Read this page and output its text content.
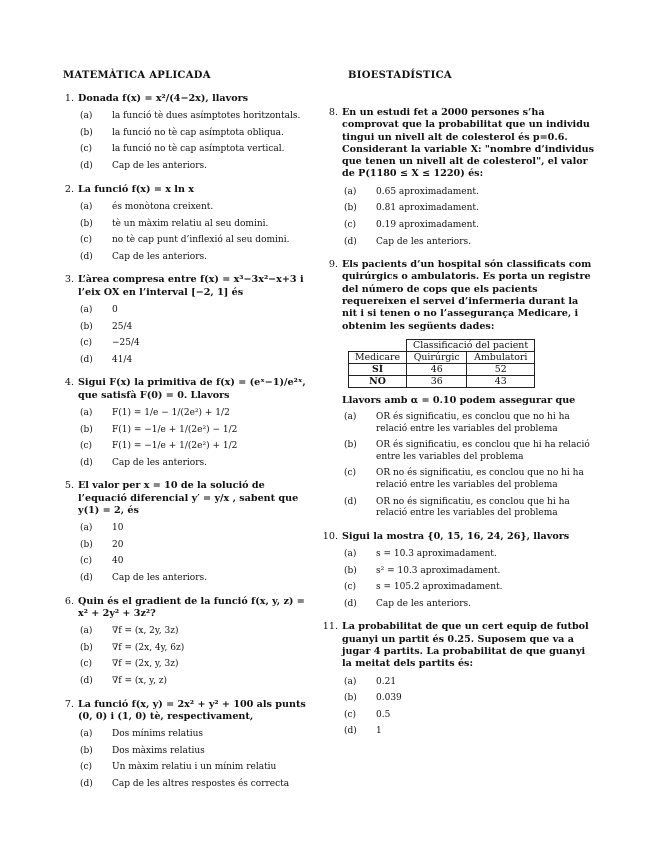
MATEMÀTICA APLICADA
1. Donada f(x) = x²/(4−2x), llavors
(a)	la funció tè dues asímptotes horitzontals.
(b)	la funció no tè cap asímptota obliqua.
(c)	la funció no tè cap asímptota vertical.
(d)	Cap de les anteriors.
2. La funció f(x) = x ln x
(a)	és monòtona creixent.
(b)	tè un màxim relatiu al seu domini.
(c)	no tè cap punt d’inflexió al seu domini.
(d)	Cap de les anteriors.
3. L’àrea compresa entre f(x) = x³−3x²−x+3 i l’eix OX en l’interval [−2, 1] és
(a)	0
(b)	25/4
(c)	−25/4
(d)	41/4
4. Sigui F(x) la primitiva de f(x) = (eˣ−1)/e²ˣ, que satisfà F(0) = 0. Llavors
(a)	F(1) = 1/e − 1/(2e²) + 1/2
(b)	F(1) = −1/e + 1/(2e²) − 1/2
(c)	F(1) = −1/e + 1/(2e²) + 1/2
(d)	Cap de les anteriors.
5. El valor per x = 10 de la solució de l’equació diferencial y′ = y/x , sabent que y(1) = 2, és
(a)	10
(b)	20
(c)	40
(d)	Cap de les anteriors.
6. Quin és el gradient de la funció f(x, y, z) = x² + 2y² + 3z²?
(a)	∇f = (x, 2y, 3z)
(b)	∇f = (2x, 4y, 6z)
(c)	∇f = (2x, y, 3z)
(d)	∇f = (x, y, z)
7. La funció f(x, y) = 2x² + y² + 100 als punts (0, 0) i (1, 0) tè, respectivament,
(a)	Dos mínims relatius
(b)	Dos màxims relatius
(c)	Un màxim relatiu i un mínim relatiu
(d)	Cap de les altres respostes és correcta
BIOESTADÍSTICA
8. En un estudi fet a 2000 persones s’ha comprovat que la probabilitat que un individu tingui un nivell alt de colesterol és p=0.6. Considerant la variable X: "nombre d’individus que tenen un nivell alt de colesterol", el valor de P(1180 ≤ X ≤ 1220) és:
(a)	0.65 aproximadament.
(b)	0.81 aproximadament.
(c)	0.19 aproximadament.
(d)	Cap de les anteriors.
9. Els pacients d’un hospital són classificats com quirúrgics o ambulatoris. Es porta un registre del número de cops que els pacients requereixen el servei d’infermeria durant la nit i si tenen o no l’assegurança Medicare, i obtenim les següents dades:
	Classificació del pacient	
Medicare	Quirúrgic	Ambulatori
SÍ	46	52
NO	36	43
Llavors amb α = 0.10 podem assegurar que
(a)	OR és significatiu, es conclou que no hi ha relació entre les variables del problema
(b)	OR és significatiu, es conclou que hi ha relació entre les variables del problema
(c)	OR no és significatiu, es conclou que no hi ha relació entre les variables del problema
(d)	OR no és significatiu, es conclou que hi ha relació entre les variables del problema
10. Sigui la mostra {0, 15, 16, 24, 26}, llavors
(a)	s = 10.3 aproximadament.
(b)	s² = 10.3 aproximadament.
(c)	s = 105.2 aproximadament.
(d)	Cap de les anteriors.
11. La probabilitat de que un cert equip de futbol guanyi un partit és 0.25. Suposem que va a jugar 4 partits. La probabilitat de que guanyi la meitat dels partits és:
(a)	0.21
(b)	0.039
(c)	0.5
(d)	1
